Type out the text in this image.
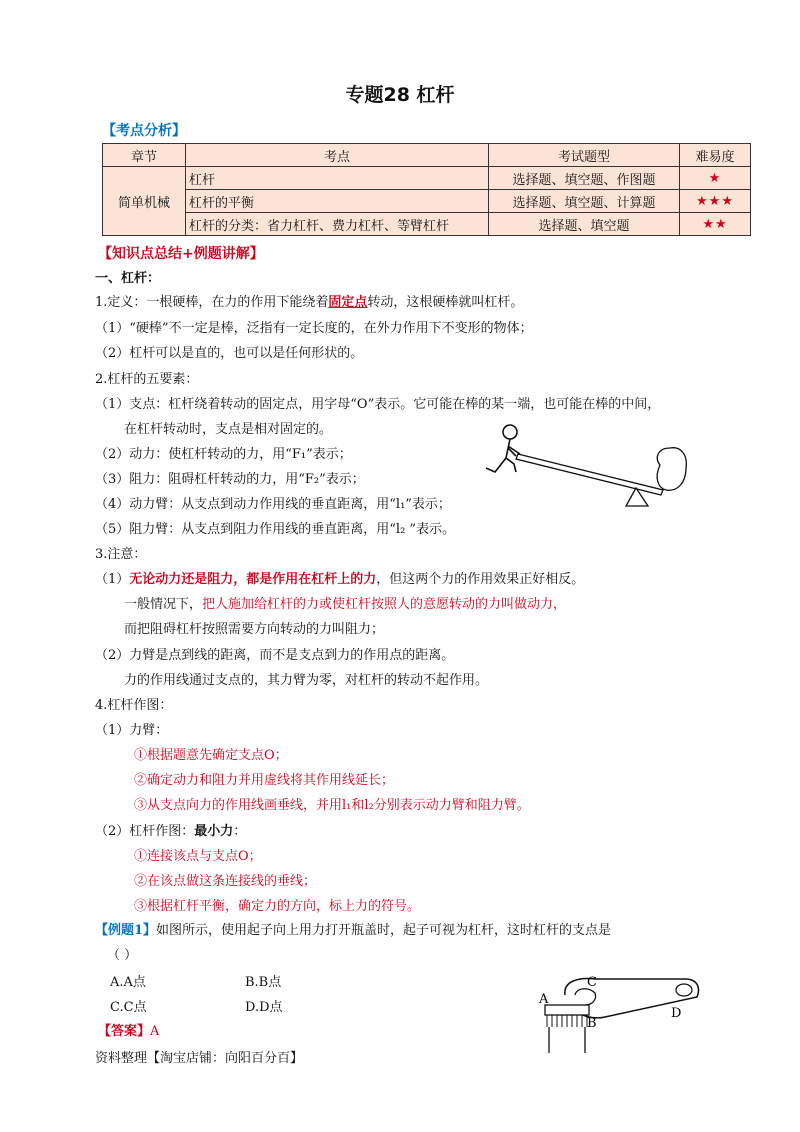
专题28 杠杆
【考点分析】
章节	考点	考试题型	难易度
简单机械	杠杆	选择题、填空题、作图题	★
	杠杆的平衡	选择题、填空题、计算题	★★★
	杠杆的分类：省力杠杆、费力杠杆、等臂杠杆	选择题、填空题	★★
【知识点总结+例题讲解】
一、杠杆：
1.定义：一根硬棒，在力的作用下能绕着固定点转动，这根硬棒就叫杠杆。
（1）“硬棒”不一定是棒，泛指有一定长度的，在外力作用下不变形的物体；
（2）杠杆可以是直的，也可以是任何形状的。
2.杠杆的五要素：
（1）支点：杠杆绕着转动的固定点，用字母“O”表示。它可能在棒的某一端，也可能在棒的中间，
在杠杆转动时，支点是相对固定的。
（2）动力：使杠杆转动的力，用“F₁”表示；
（3）阻力：阻碍杠杆转动的力，用“F₂”表示；
（4）动力臂：从支点到动力作用线的垂直距离，用“l₁”表示；
（5）阻力臂：从支点到阻力作用线的垂直距离，用“l₂ ”表示。
3.注意：
（1）无论动力还是阻力，都是作用在杠杆上的力，但这两个力的作用效果正好相反。
一般情况下，把人施加给杠杆的力或使杠杆按照人的意愿转动的力叫做动力，
而把阻碍杠杆按照需要方向转动的力叫阻力；
（2）力臂是点到线的距离，而不是支点到力的作用点的距离。
力的作用线通过支点的，其力臂为零，对杠杆的转动不起作用。
4.杠杆作图：
（1）力臂：
①根据题意先确定支点O；
②确定动力和阻力并用虚线将其作用线延长；
③从支点向力的作用线画垂线，并用l₁和l₂分别表示动力臂和阻力臂。
（2）杠杆作图：最小力：
①连接该点与支点O；
②在该点做这条连接线的垂线；
③根据杠杆平衡，确定力的方向，标上力的符号。
【例题1】如图所示，使用起子向上用力打开瓶盖时，起子可视为杠杆，这时杠杆的支点是
（ ）
A.A点	B.B点
C.C点	D.D点
【答案】A
资料整理【淘宝店铺：向阳百分百】
A
C
B
D
